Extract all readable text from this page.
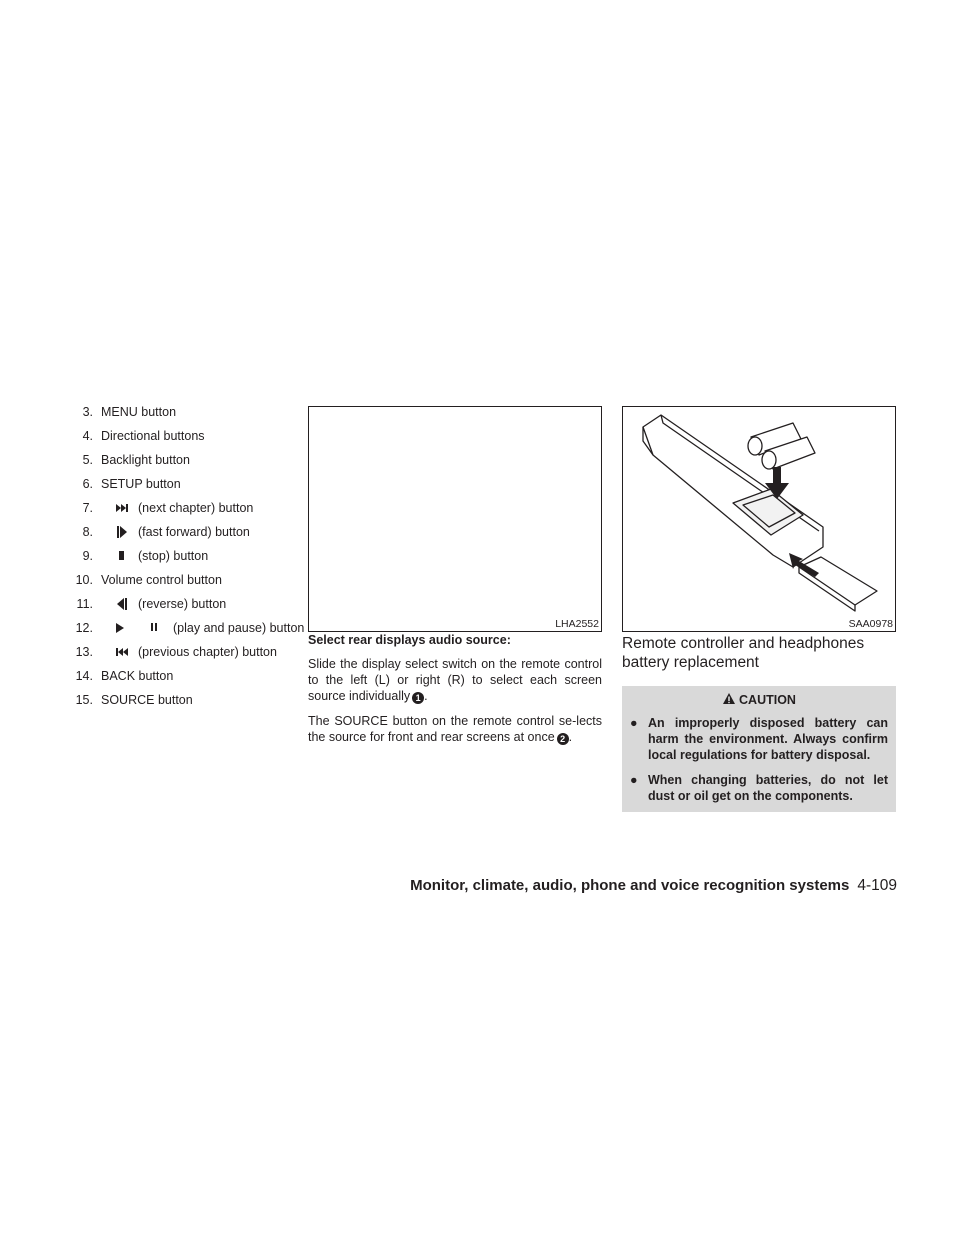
3. MENU button
4. Directional buttons
5. Backlight button
6. SETUP button
7.	(next chapter) button
8.	(fast forward) button
9.	(stop) button
10. Volume control button
11.	(reverse) button
12.	(play and pause) button
13.	(previous chapter) button
14. BACK button
15. SOURCE button
LHA2552
Select rear displays audio source:

Slide the display select switch on the remote control to the left (L) or right (R) to select each screen source individually 1 .

The SOURCE button on the remote control se-lects the source for front and rear screens at once 2 .

SAA0978
Remote controller and headphones battery replacement
CAUTION
● An improperly disposed battery can harm the environment. Always confirm local regulations for battery disposal.
● When changing batteries, do not let dust or oil get on the components.
Monitor, climate, audio, phone and voice recognition systems 4-109
